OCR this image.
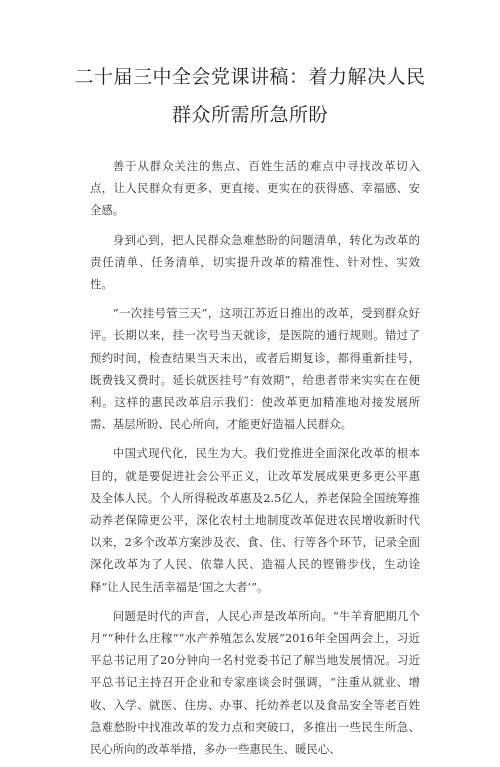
二十届三中全会党课讲稿：着力解决人民
群众所需所急所盼

善于从群众关注的焦点、百姓生活的难点中寻找改革切入点，让人民群众有更多、更直接、更实在的获得感、幸福感、安全感。

身到心到，把人民群众急难愁盼的问题清单，转化为改革的责任清单、任务清单，切实提升改革的精准性、针对性、实效性。

“一次挂号管三天”，这项江苏近日推出的改革，受到群众好评。长期以来，挂一次号当天就诊，是医院的通行规则。错过了预约时间，检查结果当天未出，或者后期复诊，都得重新挂号，既费钱又费时。延长就医挂号“有效期”，给患者带来实实在在便利。这样的惠民改革启示我们：使改革更加精准地对接发展所需、基层所盼、民心所向，才能更好造福人民群众。

中国式现代化，民生为大。我们党推进全面深化改革的根本目的，就是要促进社会公平正义，让改革发展成果更多更公平惠及全体人民。个人所得税改革惠及2.5亿人，养老保险全国统筹推动养老保障更公平，深化农村土地制度改革促进农民增收新时代以来，2多个改革方案涉及衣、食、住、行等各个环节，记录全面深化改革为了人民、依靠人民、造福人民的铿锵步伐，生动诠释“让人民生活幸福是‘国之大者’”。

问题是时代的声音，人民心声是改革所向。“牛羊育肥期几个月”“种什么庄稼”“水产养殖怎么发展”2016年全国两会上，习近平总书记用了20分钟向一名村党委书记了解当地发展情况。习近平总书记主持召开企业和专家座谈会时强调，“注重从就业、增收、入学、就医、住房、办事、托幼养老以及食品安全等老百姓急难愁盼中找准改革的发力点和突破口，多推出一些民生所急、民心所向的改革举措，多办一些惠民生、暖民心、
